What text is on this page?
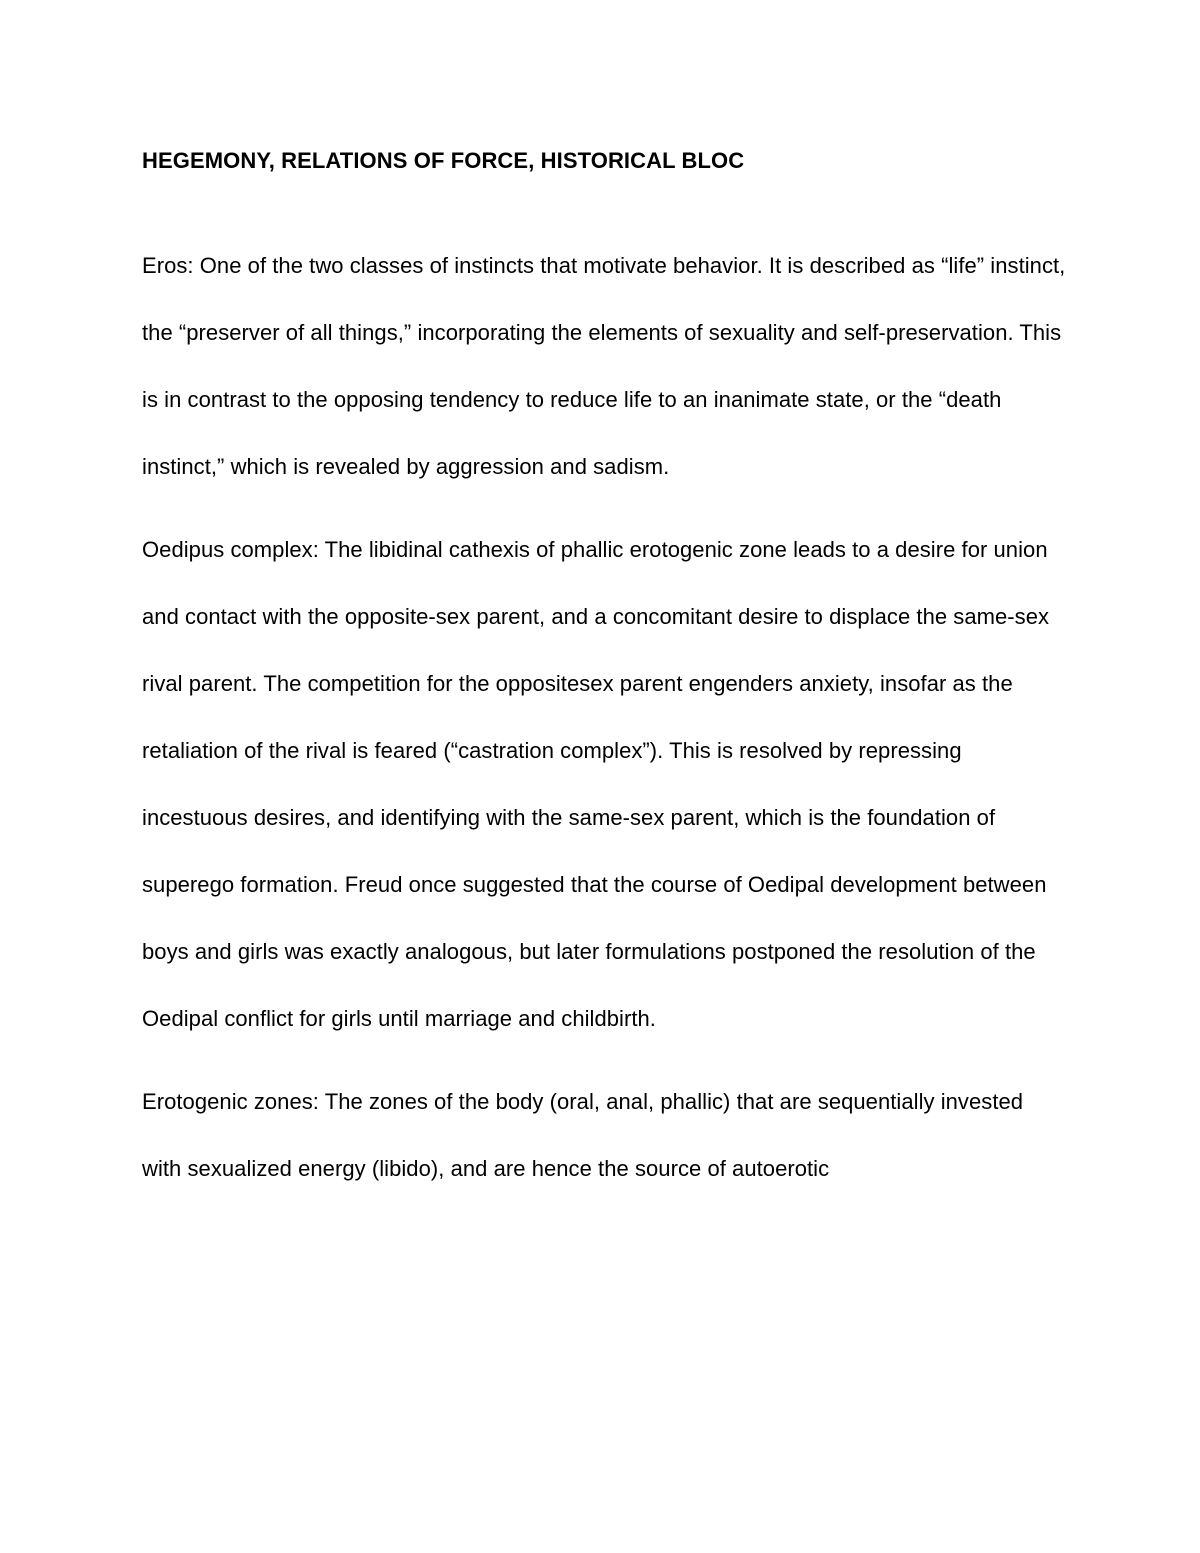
HEGEMONY, RELATIONS OF FORCE, HISTORICAL BLOC

Eros: One of the two classes of instincts that motivate behavior. It is described as “life” instinct, the “preserver of all things,” incorporating the elements of sexuality and self-preservation. This is in contrast to the opposing tendency to reduce life to an inanimate state, or the “death instinct,” which is revealed by aggression and sadism.

Oedipus complex: The libidinal cathexis of phallic erotogenic zone leads to a desire for union and contact with the opposite-sex parent, and a concomitant desire to displace the same-sex rival parent. The competition for the oppositesex parent engenders anxiety, insofar as the retaliation of the rival is feared (“castration complex”). This is resolved by repressing incestuous desires, and identifying with the same-sex parent, which is the foundation of superego formation. Freud once suggested that the course of Oedipal development between boys and girls was exactly analogous, but later formulations postponed the resolution of the Oedipal conflict for girls until marriage and childbirth.

Erotogenic zones: The zones of the body (oral, anal, phallic) that are sequentially invested with sexualized energy (libido), and are hence the source of autoerotic
